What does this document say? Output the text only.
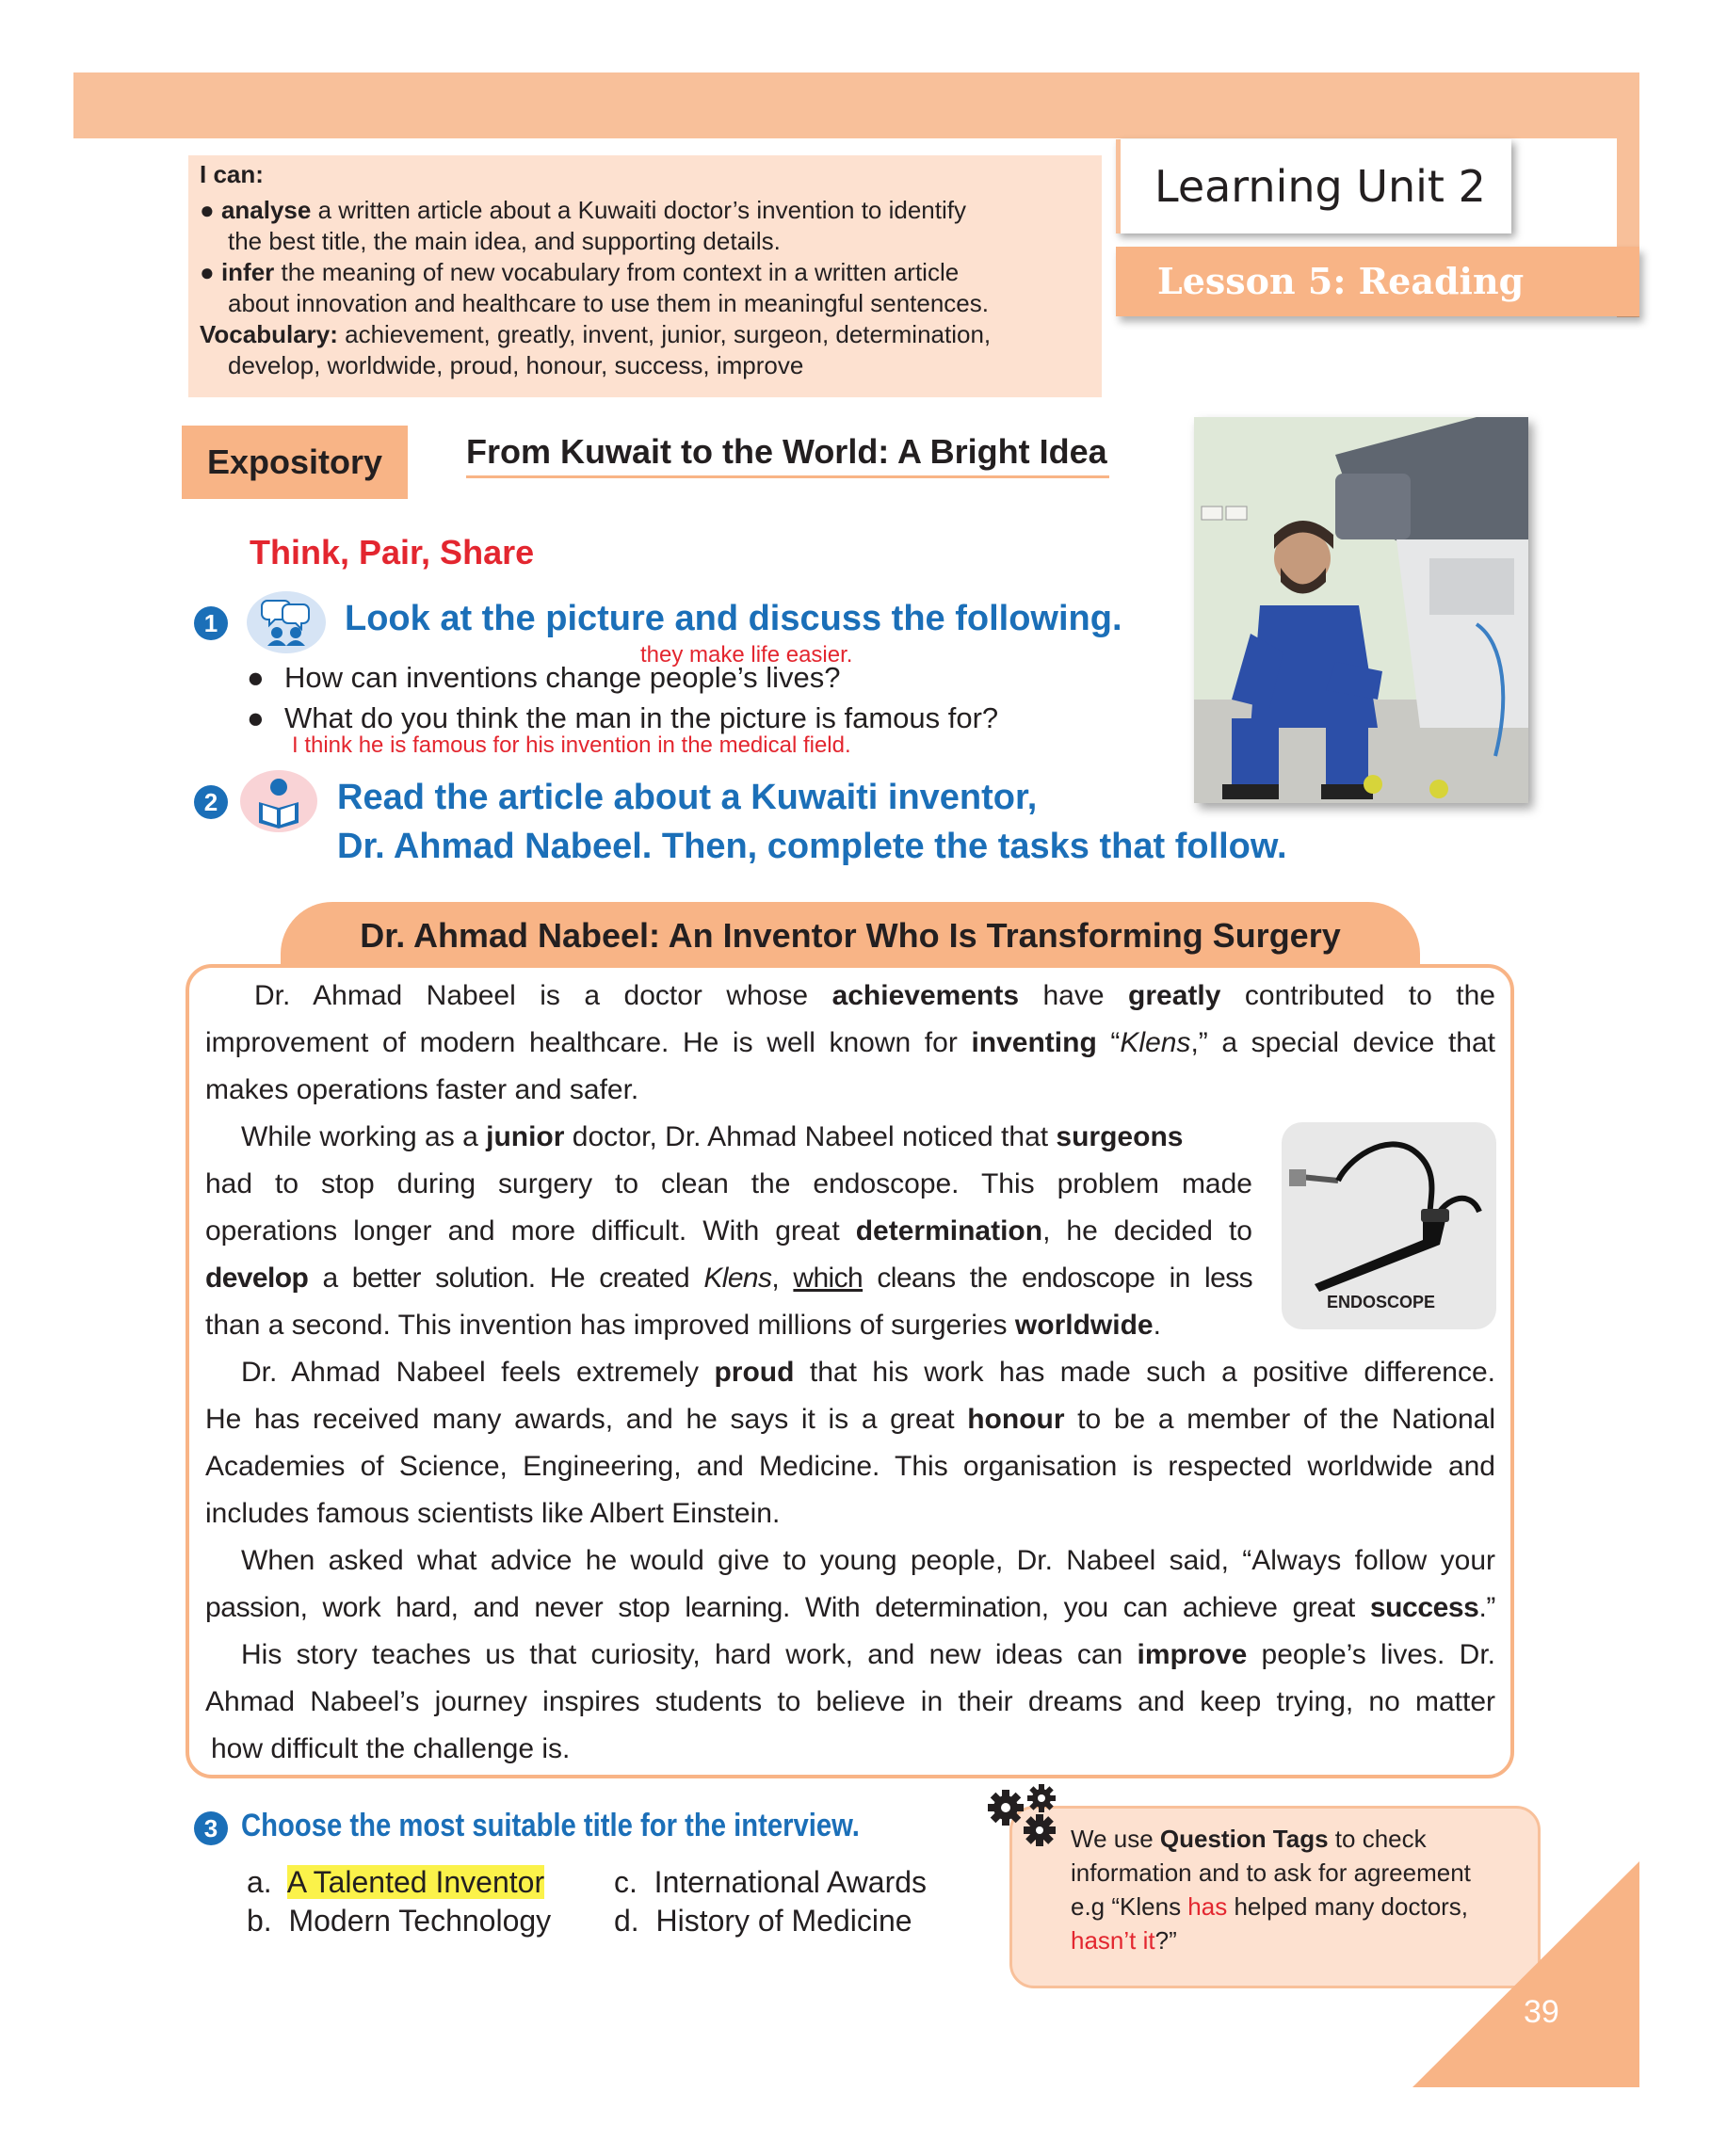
I can:
● analyse a written article about a Kuwaiti doctor’s invention to identify
the best title, the main idea, and supporting details.
● infer the meaning of new vocabulary from context in a written article
about innovation and healthcare to use them in meaningful sentences.
Vocabulary: achievement, greatly, invent, junior, surgeon, determination,
develop, worldwide, proud, honour, success, improve
Learning Unit 2
Lesson 5: Reading
Expository	From Kuwait to the World: A Bright Idea
Think, Pair, Share
1	Look at the picture and discuss the following.
they make life easier.
● How can inventions change people’s lives?
● What do you think the man in the picture is famous for?
I think he is famous for his invention in the medical field.
2	Read the article about a Kuwaiti inventor,
Dr. Ahmad Nabeel. Then, complete the tasks that follow.
Dr. Ahmad Nabeel: An Inventor Who Is Transforming Surgery
Dr. Ahmad Nabeel is a doctor whose achievements have greatly contributed to the
improvement of modern healthcare. He is well known for inventing “Klens,” a special device that
makes operations faster and safer.
While working as a junior doctor, Dr. Ahmad Nabeel noticed that surgeons
had to stop during surgery to clean the endoscope. This problem made
operations longer and more difficult. With great determination, he decided to
develop a better solution. He created Klens, which cleans the endoscope in less
than a second. This invention has improved millions of surgeries worldwide.
ENDOSCOPE
Dr. Ahmad Nabeel feels extremely proud that his work has made such a positive difference.
He has received many awards, and he says it is a great honour to be a member of the National
Academies of Science, Engineering, and Medicine. This organisation is respected worldwide and
includes famous scientists like Albert Einstein.
When asked what advice he would give to young people, Dr. Nabeel said, “Always follow your
passion, work hard, and never stop learning. With determination, you can achieve great success.”
His story teaches us that curiosity, hard work, and new ideas can improve people’s lives. Dr.
Ahmad Nabeel’s journey inspires students to believe in their dreams and keep trying, no matter
how difficult the challenge is.
3 Choose the most suitable title for the interview.
a. A Talented Inventor
b. Modern Technology
c. International Awards
d. History of Medicine
We use Question Tags to check
information and to ask for agreement
e.g “Klens has helped many doctors,
hasn’t it?”
39
